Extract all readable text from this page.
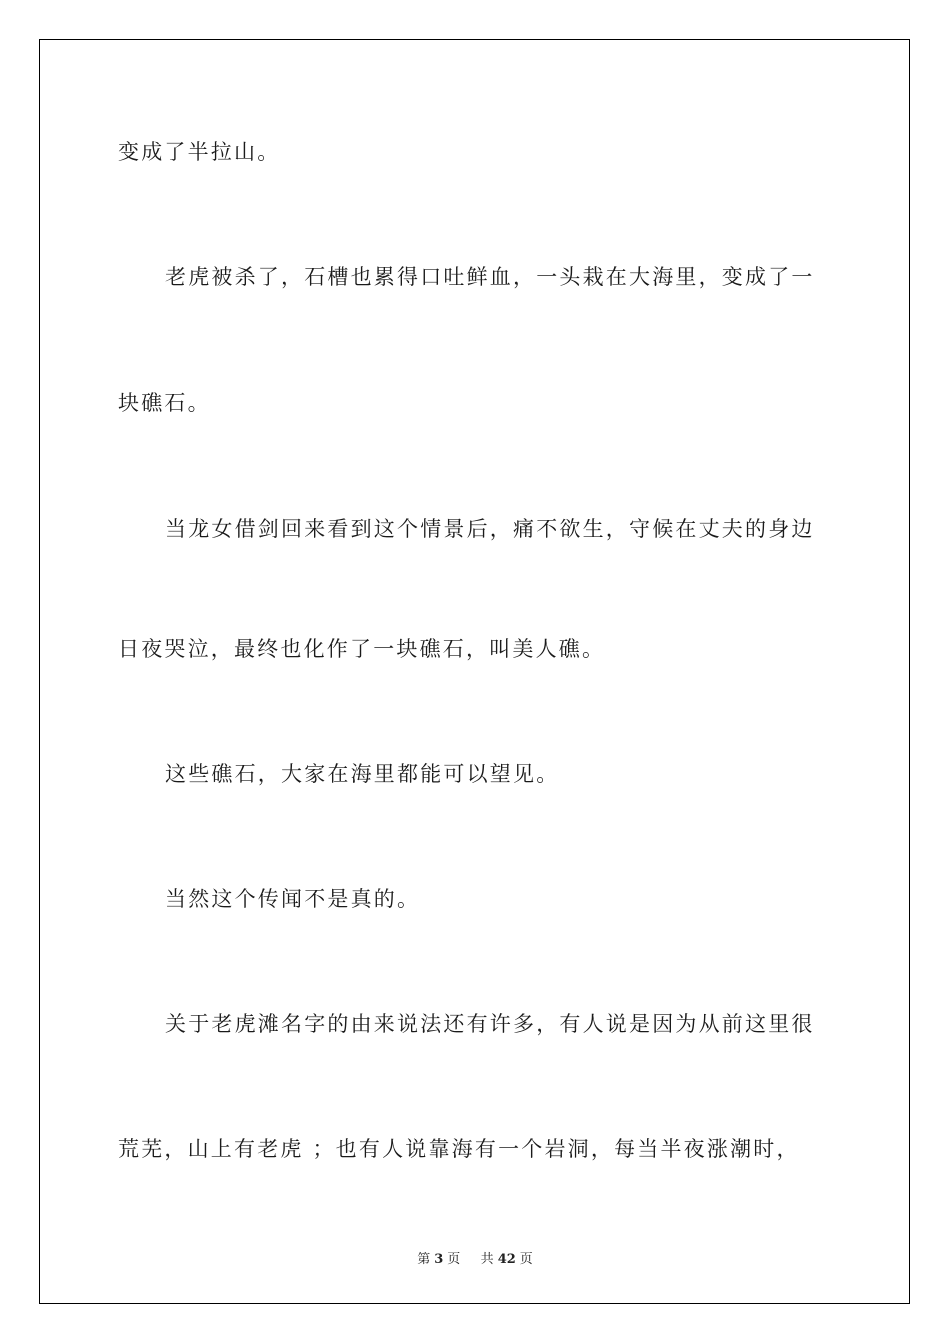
变成了半拉山。
老虎被杀了，石槽也累得口吐鲜血，一头栽在大海里，变成了一
块礁石。
当龙女借剑回来看到这个情景后，痛不欲生，守候在丈夫的身边
日夜哭泣，最终也化作了一块礁石，叫美人礁。
这些礁石，大家在海里都能可以望见。
当然这个传闻不是真的。
关于老虎滩名字的由来说法还有许多，有人说是因为从前这里很
荒芜，山上有老虎 ；也有人说靠海有一个岩洞，每当半夜涨潮时，
第 3 页 共 42 页
